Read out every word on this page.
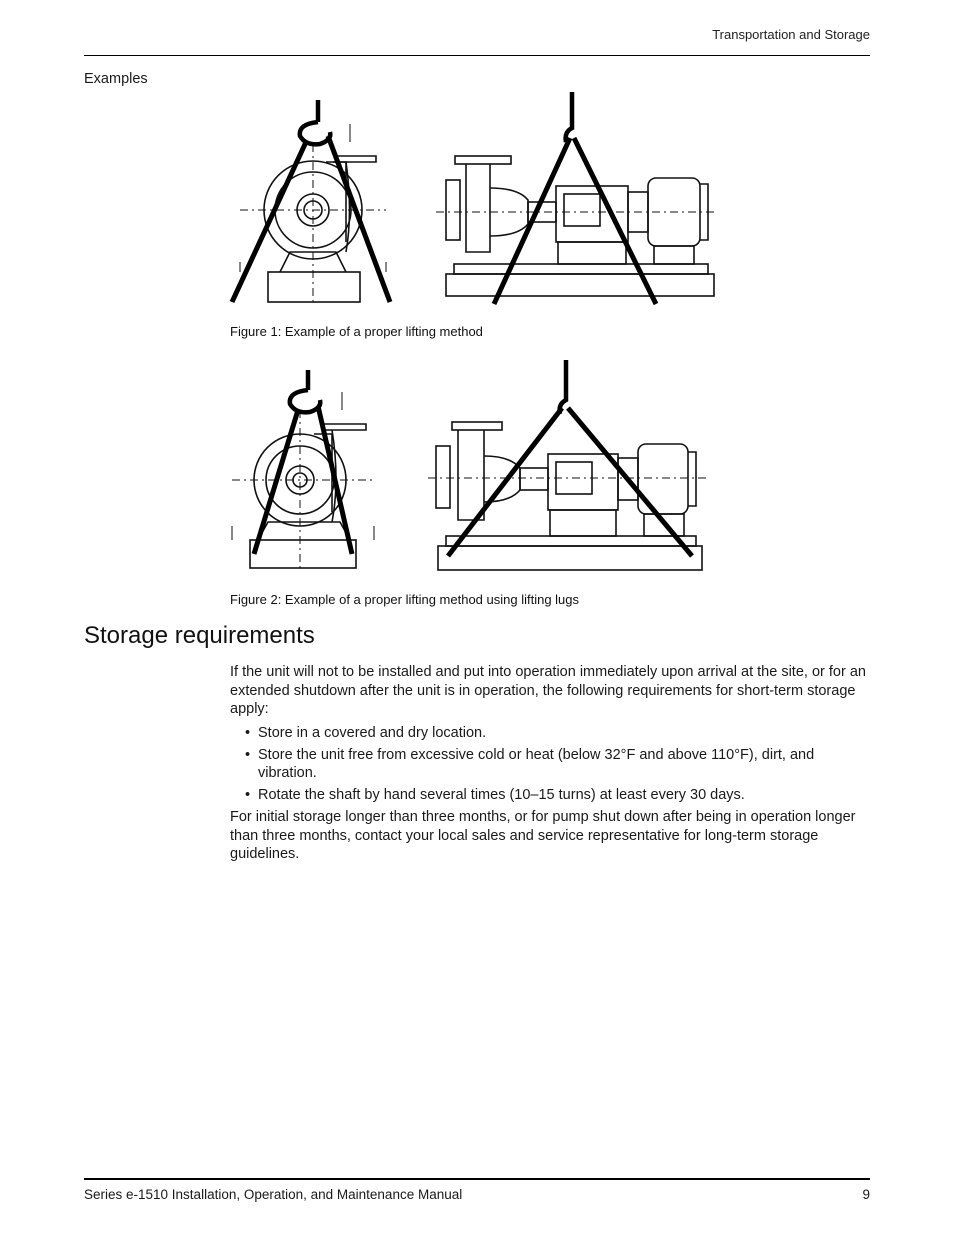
Transportation and Storage
Examples
Figure 1: Example of a proper lifting method
Figure 2: Example of a proper lifting method using lifting lugs
Storage requirements

If the unit will not to be installed and put into operation immediately upon arrival at the site, or for an extended shutdown after the unit is in operation, the following requirements for short-term storage apply:

• Store in a covered and dry location.
• Store the unit free from excessive cold or heat (below 32°F and above 110°F), dirt, and vibration.
• Rotate the shaft by hand several times (10–15 turns) at least every 30 days.

For initial storage longer than three months, or for pump shut down after being in operation longer than three months, contact your local sales and service representative for long-term storage guidelines.

Series e-1510 Installation, Operation, and Maintenance Manual	9
